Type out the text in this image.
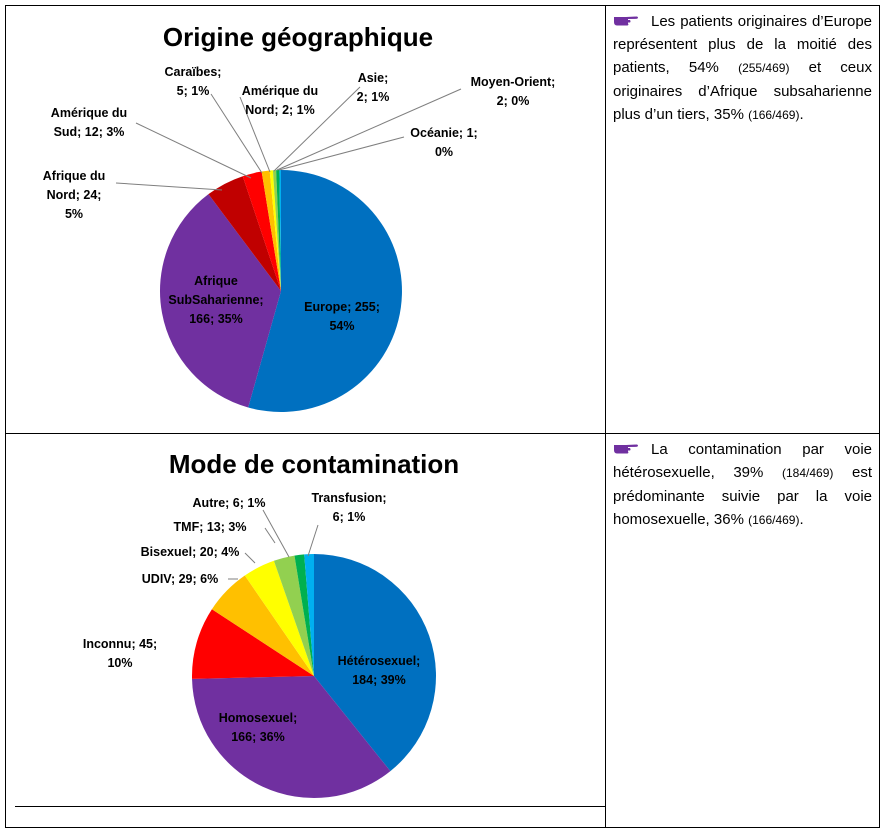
Origine géographique
Europe; 255; 54%
Afrique SubSaharienne; 166; 35%
Afrique du Nord; 24; 5%
Amérique du Sud; 12; 3%
Caraïbes; 5; 1%	Amérique du Nord; 2; 1%
Asie; 2; 1%
Moyen-Orient; 2; 0%
Océanie; 1; 0%
Mode de contamination
Hétérosexuel; 184; 39%
Homosexuel; 166; 36%
Inconnu; 45; 10%
UDIV; 29; 6%
Bisexuel; 20; 4%
TMF; 13; 3%
Autre; 6; 1%	Transfusion; 6; 1%
Les patients originaires d’Europe représentent plus de la moitié des patients, 54% (255/469) et ceux originaires d’Afrique subsaharienne plus d’un tiers, 35% (166/469).
La contamination par voie hétérosexuelle, 39% (184/469) est prédominante suivie par la voie homosexuelle, 36% (166/469).
